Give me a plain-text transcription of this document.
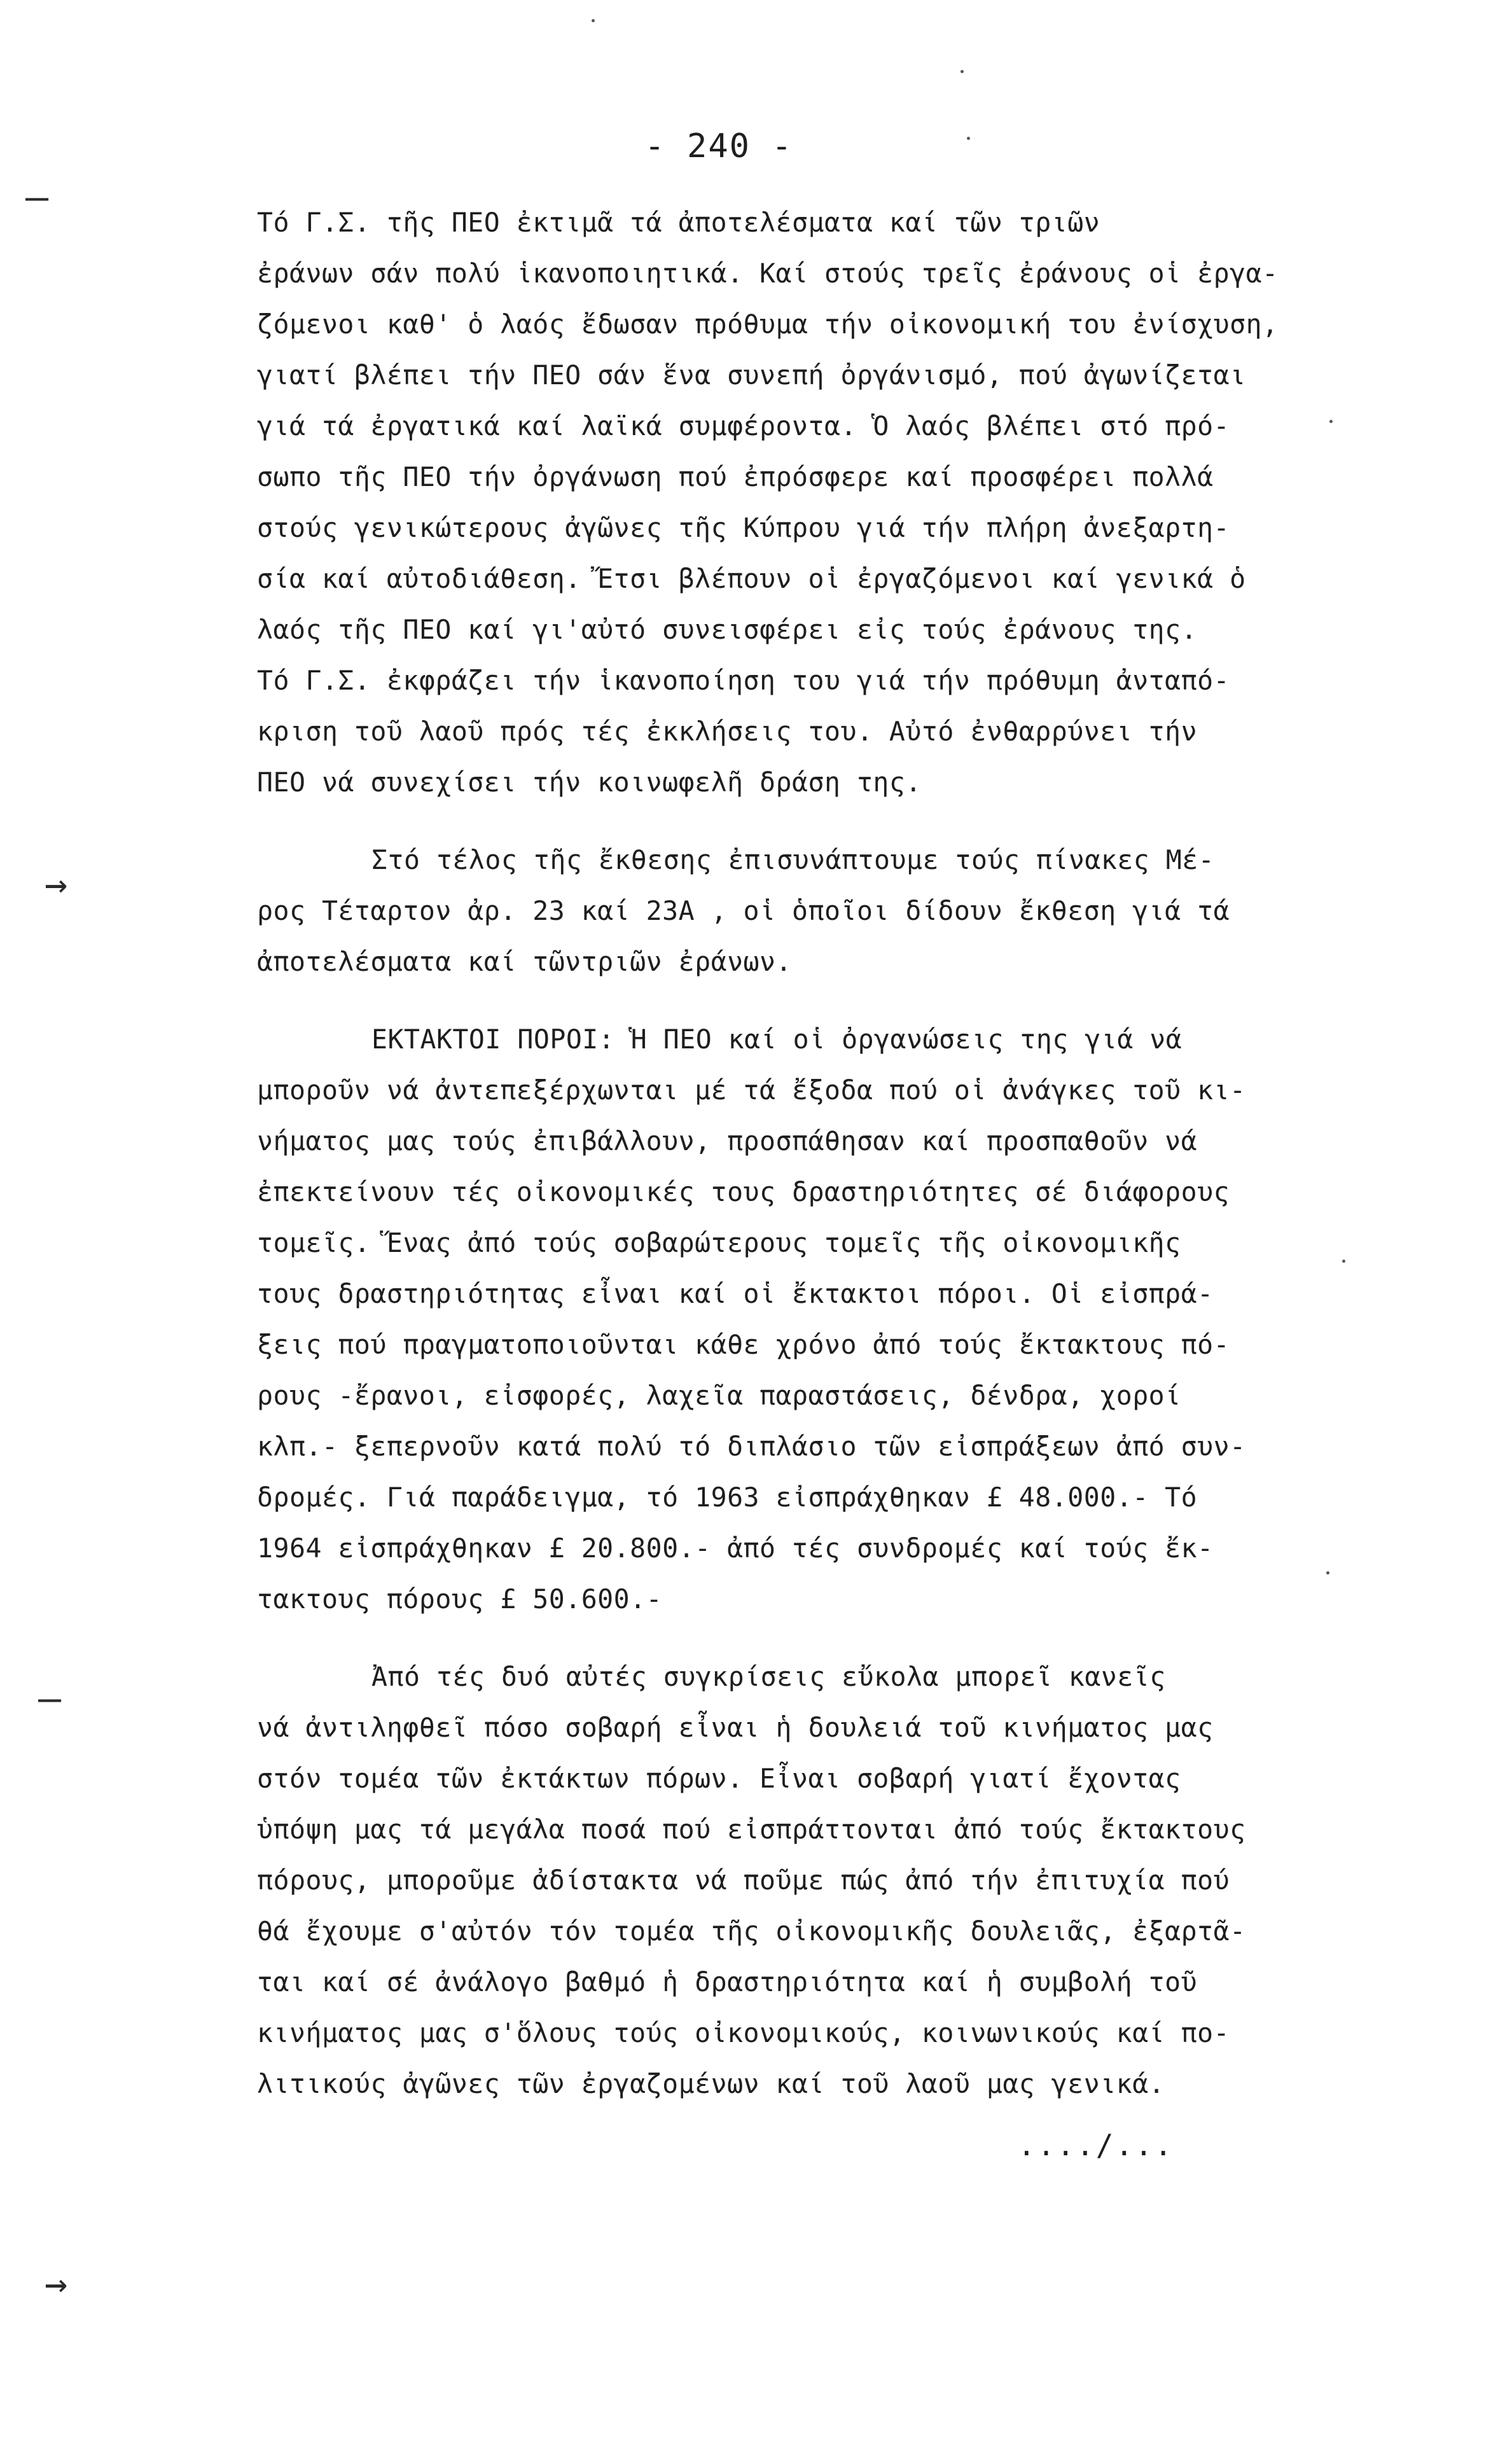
- 240 -
Τό Γ.Σ. τῆς ΠΕΟ ἐκτιμᾶ τά ἀποτελέσματα καί τῶν τριῶν
ἐράνων σάν πολύ ἱκανοποιητικά. Καί στούς τρεῖς ἐράνους οἱ ἐργα-
ζόμενοι καθ' ὁ λαός ἔδωσαν πρόθυμα τήν οἰκονομική του ἐνίσχυση,
γιατί βλέπει τήν ΠΕΟ σάν ἕνα συνεπή ὀργάνισμό, πού ἀγωνίζεται
γιά τά ἐργατικά καί λαϊκά συμφέροντα. Ὁ λαός βλέπει στό πρό-
σωπο τῆς ΠΕΟ τήν ὀργάνωση πού ἐπρόσφερε καί προσφέρει πολλά
στούς γενικώτερους ἀγῶνες τῆς Κύπρου γιά τήν πλήρη ἀνεξαρτη-
σία καί αὐτοδιάθεση. Ἔτσι βλέπουν οἱ ἐργαζόμενοι καί γενικά ὁ
λαός τῆς ΠΕΟ καί γι'αὐτό συνεισφέρει εἰς τούς ἐράνους της.
Τό Γ.Σ. ἐκφράζει τήν ἱκανοποίηση του γιά τήν πρόθυμη ἀνταπό-
κριση τοῦ λαοῦ πρός τές ἐκκλήσεις του. Αὐτό ἐνθαρρύνει τήν
ΠΕΟ νά συνεχίσει τήν κοινωφελῆ δράση της.
Στό τέλος τῆς ἔκθεσης ἐπισυνάπτουμε τούς πίνακες Μέ-
ρος Τέταρτον ἀρ. 23 καί 23Α , οἱ ὁποῖοι δίδουν ἔκθεση γιά τά
ἀποτελέσματα καί τῶντριῶν ἐράνων.
ΕΚΤΑΚΤΟΙ ΠΟΡΟΙ: Ἡ ΠΕΟ καί οἱ ὀργανώσεις της γιά νά
μποροῦν νά ἀντεπεξέρχωνται μέ τά ἔξοδα πού οἱ ἀνάγκες τοῦ κι-
νήματος μας τούς ἐπιβάλλουν, προσπάθησαν καί προσπαθοῦν νά
ἐπεκτείνουν τές οἰκονομικές τους δραστηριότητες σέ διάφορους
τομεῖς. Ἕνας ἀπό τούς σοβαρώτερους τομεῖς τῆς οἰκονομικῆς
τους δραστηριότητας εἶναι καί οἱ ἔκτακτοι πόροι. Οἱ εἰσπρά-
ξεις πού πραγματοποιοῦνται κάθε χρόνο ἀπό τούς ἔκτακτους πό-
ρους -ἔρανοι, εἰσφορές, λαχεῖα παραστάσεις, δένδρα, χοροί
κλπ.- ξεπερνοῦν κατά πολύ τό διπλάσιο τῶν εἰσπράξεων ἀπό συν-
δρομές. Γιά παράδειγμα, τό 1963 εἰσπράχθηκαν £ 48.000.- Τό
1964 εἰσπράχθηκαν £ 20.800.- ἀπό τές συνδρομές καί τούς ἔκ-
τακτους πόρους £ 50.600.-
Ἀπό τές δυό αὐτές συγκρίσεις εὔκολα μπορεῖ κανεῖς
νά ἀντιληφθεῖ πόσο σοβαρή εἶναι ἡ δουλειά τοῦ κινήματος μας
στόν τομέα τῶν ἐκτάκτων πόρων. Εἶναι σοβαρή γιατί ἔχοντας
ὑπόψη μας τά μεγάλα ποσά πού εἰσπράττονται ἀπό τούς ἔκτακτους
πόρους, μποροῦμε ἀδίστακτα νά ποῦμε πώς ἀπό τήν ἐπιτυχία πού
θά ἔχουμε σ'αὐτόν τόν τομέα τῆς οἰκονομικῆς δουλειᾶς, ἐξαρτᾶ-
ται καί σέ ἀνάλογο βαθμό ἡ δραστηριότητα καί ἡ συμβολή τοῦ
κινήματος μας σ'ὅλους τούς οἰκονομικούς, κοινωνικούς καί πο-
λιτικούς ἀγῶνες τῶν ἐργαζομένων καί τοῦ λαοῦ μας γενικά.
..../...
—
→
—
→
